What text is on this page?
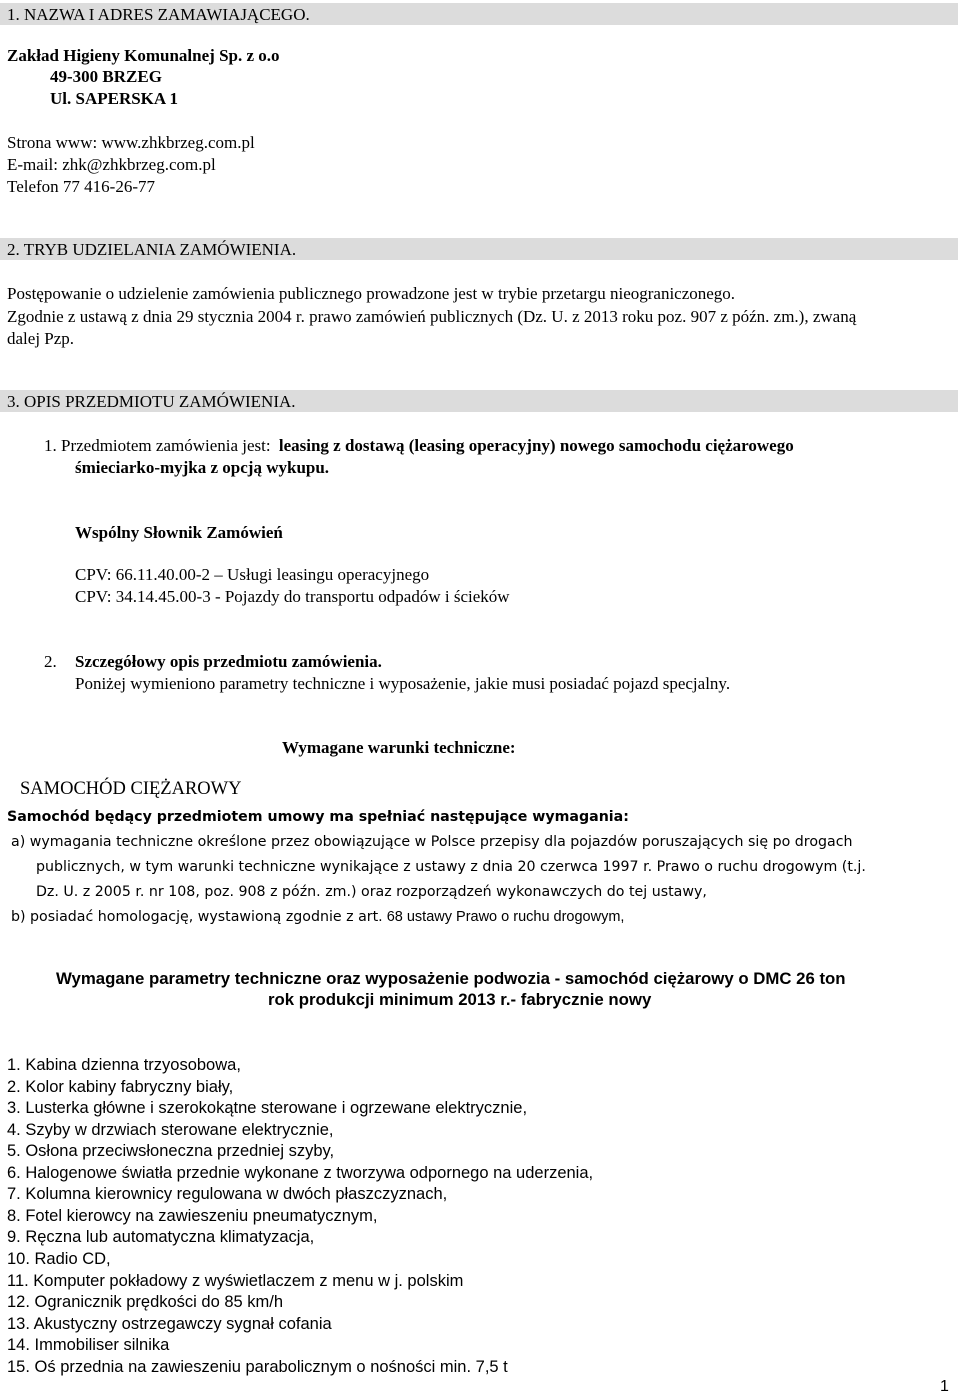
1. NAZWA I ADRES ZAMAWIAJĄCEGO.
Zakład Higieny Komunalnej Sp. z o.o
49-300 BRZEG
Ul. SAPERSKA 1
Strona www: www.zhkbrzeg.com.pl
E-mail: zhk@zhkbrzeg.com.pl
Telefon 77 416-26-77
2. TRYB UDZIELANIA ZAMÓWIENIA.
Postępowanie o udzielenie zamówienia publicznego prowadzone jest w trybie przetargu nieograniczonego.
Zgodnie z ustawą z dnia 29 stycznia 2004 r. prawo zamówień publicznych (Dz. U. z 2013 roku poz. 907 z późn. zm.), zwaną
dalej Pzp.
3. OPIS PRZEDMIOTU ZAMÓWIENIA.
1. Przedmiotem zamówienia jest: leasing z dostawą (leasing operacyjny) nowego samochodu ciężarowego
śmieciarko-myjka z opcją wykupu.
Wspólny Słownik Zamówień
CPV: 66.11.40.00-2 – Usługi leasingu operacyjnego
CPV: 34.14.45.00-3 - Pojazdy do transportu odpadów i ścieków
2. Szczegółowy opis przedmiotu zamówienia.
Poniżej wymieniono parametry techniczne i wyposażenie, jakie musi posiadać pojazd specjalny.
Wymagane warunki techniczne:
SAMOCHÓD CIĘŻAROWY
Samochód będący przedmiotem umowy ma spełniać następujące wymagania:
a) wymagania techniczne określone przez obowiązujące w Polsce przepisy dla pojazdów poruszających się po drogach
publicznych, w tym warunki techniczne wynikające z ustawy z dnia 20 czerwca 1997 r. Prawo o ruchu drogowym (t.j.
Dz. U. z 2005 r. nr 108, poz. 908 z późn. zm.) oraz rozporządzeń wykonawczych do tej ustawy,
b) posiadać homologację, wystawioną zgodnie z art. 68 ustawy Prawo o ruchu drogowym,
Wymagane parametry techniczne oraz wyposażenie podwozia - samochód ciężarowy o DMC 26 ton
rok produkcji minimum 2013 r.- fabrycznie nowy
1. Kabina dzienna trzyosobowa,
2. Kolor kabiny fabryczny biały,
3. Lusterka główne i szerokokątne sterowane i ogrzewane elektrycznie,
4. Szyby w drzwiach sterowane elektrycznie,
5. Osłona przeciwsłoneczna przedniej szyby,
6. Halogenowe światła przednie wykonane z tworzywa odpornego na uderzenia,
7. Kolumna kierownicy regulowana w dwóch płaszczyznach,
8. Fotel kierowcy na zawieszeniu pneumatycznym,
9. Ręczna lub automatyczna klimatyzacja,
10. Radio CD,
11. Komputer pokładowy z wyświetlaczem z menu w j. polskim
12. Ogranicznik prędkości do 85 km/h
13. Akustyczny ostrzegawczy sygnał cofania
14. Immobiliser silnika
15. Oś przednia na zawieszeniu parabolicznym o nośności min. 7,5 t
1
